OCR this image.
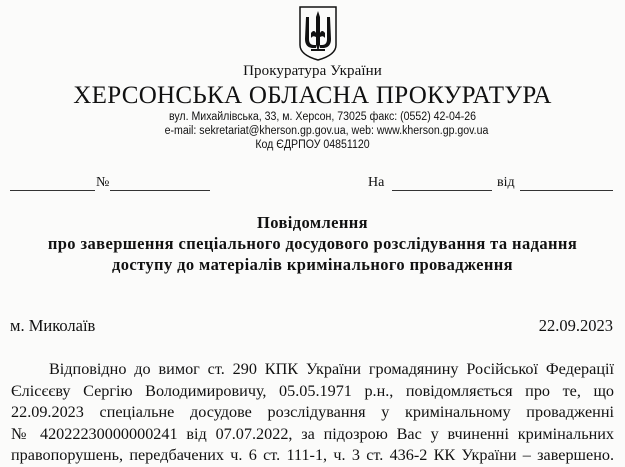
Прокуратура України
ХЕРСОНСЬКА ОБЛАСНА ПРОКУРАТУРА
вул. Михайлівська, 33, м. Херсон, 73025 факс: (0552) 42-04-26
e-mail: sekretariat@kherson.gp.gov.ua, web: www.kherson.gp.gov.ua
Код ЄДРПОУ 04851120
№	На	від
Повідомлення
про завершення спеціального досудового розслідування та надання
доступу до матеріалів кримінального провадження
м. Миколаїв	22.09.2023
Відповідно до вимог ст. 290 КПК України громадянину Російської Федерації
Єлісєєву Сергію Володимировичу, 05.05.1971 р.н., повідомляється про те, що
22.09.2023 спеціальне досудове розслідування у кримінальному провадженні
№ 42022230000000241 від 07.07.2022, за підозрою Вас у вчиненні кримінальних
правопорушень, передбачених ч. 6 ст. 111-1, ч. 3 ст. 436-2 КК України – завершено.
